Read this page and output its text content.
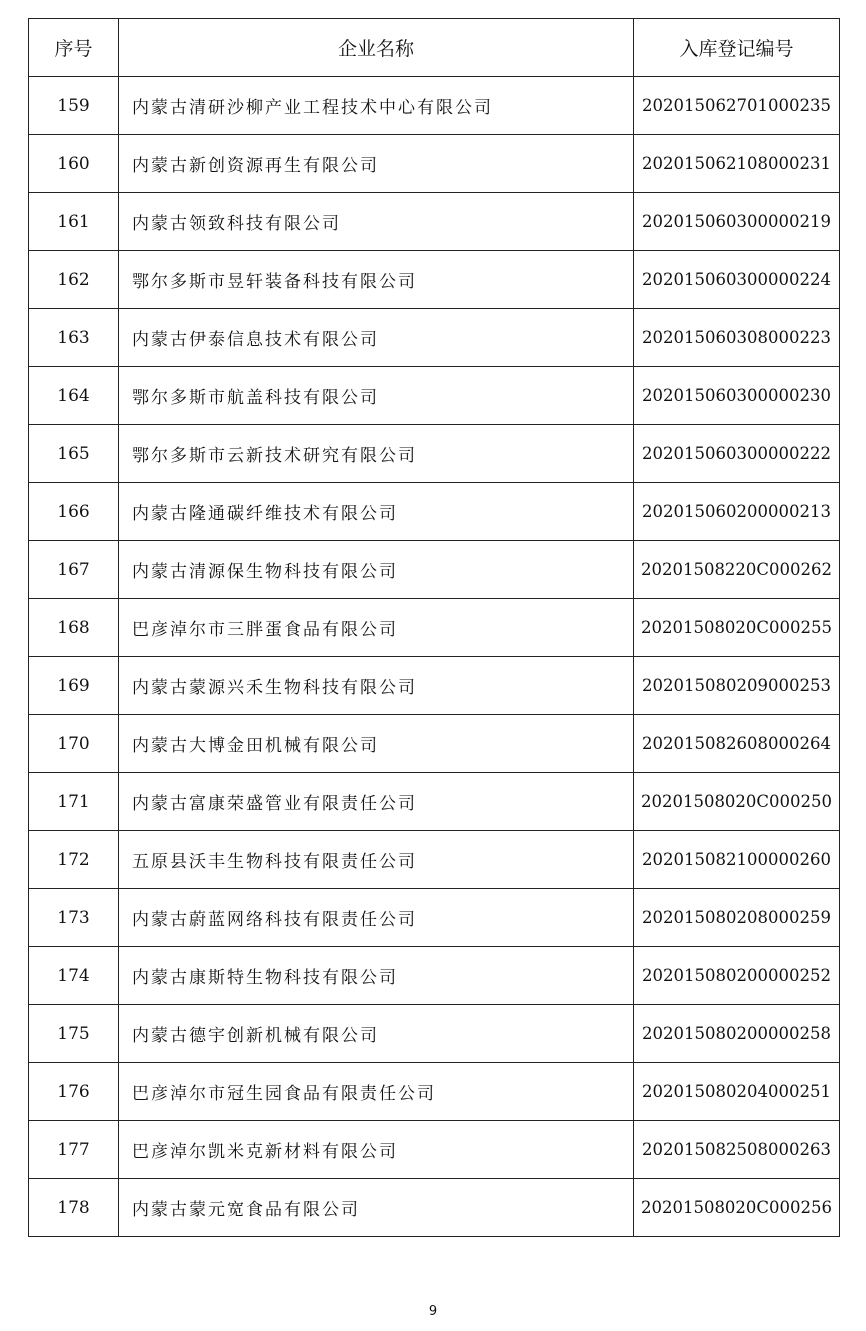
序号	企业名称	入库登记编号
159	内蒙古清研沙柳产业工程技术中心有限公司	202015062701000235
160	内蒙古新创资源再生有限公司	202015062108000231
161	内蒙古领致科技有限公司	202015060300000219
162	鄂尔多斯市昱轩装备科技有限公司	202015060300000224
163	内蒙古伊泰信息技术有限公司	202015060308000223
164	鄂尔多斯市航盖科技有限公司	202015060300000230
165	鄂尔多斯市云新技术研究有限公司	202015060300000222
166	内蒙古隆通碳纤维技术有限公司	202015060200000213
167	内蒙古清源保生物科技有限公司	20201508220C000262
168	巴彦淖尔市三胖蛋食品有限公司	20201508020C000255
169	内蒙古蒙源兴禾生物科技有限公司	202015080209000253
170	内蒙古大博金田机械有限公司	202015082608000264
171	内蒙古富康荣盛管业有限责任公司	20201508020C000250
172	五原县沃丰生物科技有限责任公司	202015082100000260
173	内蒙古蔚蓝网络科技有限责任公司	202015080208000259
174	内蒙古康斯特生物科技有限公司	202015080200000252
175	内蒙古德宇创新机械有限公司	202015080200000258
176	巴彦淖尔市冠生园食品有限责任公司	202015080204000251
177	巴彦淖尔凯米克新材料有限公司	202015082508000263
178	内蒙古蒙元宽食品有限公司	20201508020C000256
9
